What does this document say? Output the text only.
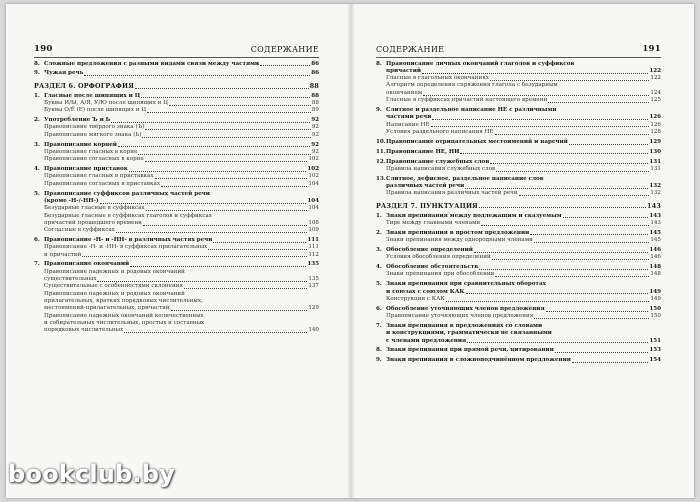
190	СОДЕРЖАНИЕ	СОДЕРЖАНИЕ	191
8. Сложные предложения с разными видами связи между частями	86
9. Чужая речь	86
РАЗДЕЛ 6. ОРФОГРАФИЯ	88
1. Гласные после шипящих и Ц	88
Буквы И/Ы, А/Я, У/Ю после шипящих и Ц	88
Буквы О/Ё (Е) после шипящих и Ц	89
2. Употребление Ъ и Ь	92
Правописание твёрдого знака (Ъ)	92
Правописание мягкого знака (Ь)	92
3. Правописание корней	92
Правописание гласных в корне	92
Правописание согласных в корне	102
4. Правописание приставок	102
Правописание гласных в приставках	102
Правописание согласных в приставках	104
5. Правописание суффиксов различных частей речи
(кроме -Н-/-НН-)	104
Безударные гласные в суффиксах	104
Безударные гласные в суффиксах глаголов и суффиксах
причастий прошедшего времени	108
Согласные в суффиксах	109
6. Правописание -Н- и -НН- в различных частях речи	111
Правописание -Н- и -НН- в суффиксах прилагательных	111
и причастий	112
7. Правописание окончаний	135
Правописание падежных и родовых окончаний
существительных	135
Существительные с особенностями склонения	137
Правописание падежных и родовых окончаний
прилагательных, кратких порядковых числительных,
местоимений-прилагательных, причастий	129
Правописание падежных окончаний количественных
и собирательных числительных, простых и составных
порядковых числительных	140
8. Правописание личных окончаний глаголов и суффиксов
причастий	122
Гласные в глагольных окончаниях	122
Алгоритм определения спряжения глагола с безударным
окончанием	124
Гласные в суффиксах причастий настоящего времени	125
9. Слитное и раздельное написание НЕ с различными
частями речи	126
Написание НЕ	126
Условия раздельного написания НЕ	128
10.Правописание отрицательных местоимений и наречий	129
11.Правописание НЕ, НИ	130
12.Правописание служебных слов	131
Правила написания служебных слов	131
13.Слитное, дефисное, раздельное написание слов
различных частей речи	132
Правила написания различных частей речи	132
РАЗДЕЛ 7. ПУНКТУАЦИЯ	143
1. Знаки препинания между подлежащим и сказуемым	143
Тире между главными членами	143
2. Знаки препинания в простом предложении	145
Знаки препинания между однородными членами	145
3. Обособление определений	146
Условия обособления определений	146
4. Обособление обстоятельств	148
Знаки препинания при обособлении	148
5. Знаки препинания при сравнительных оборотах
и союзах с союзом КАК	149
Конструкции с КАК	149
6. Обособление уточняющих членов предложения	150
Правописание уточняющих членов предложения	150
7. Знаки препинания в предложениях со словами
и конструкциями, грамматически не связанными
с членами предложения	151
8. Знаки препинания при прямой речи, цитировании	153
9. Знаки препинания в сложноподчинённом предложении	154
bookclub.by
